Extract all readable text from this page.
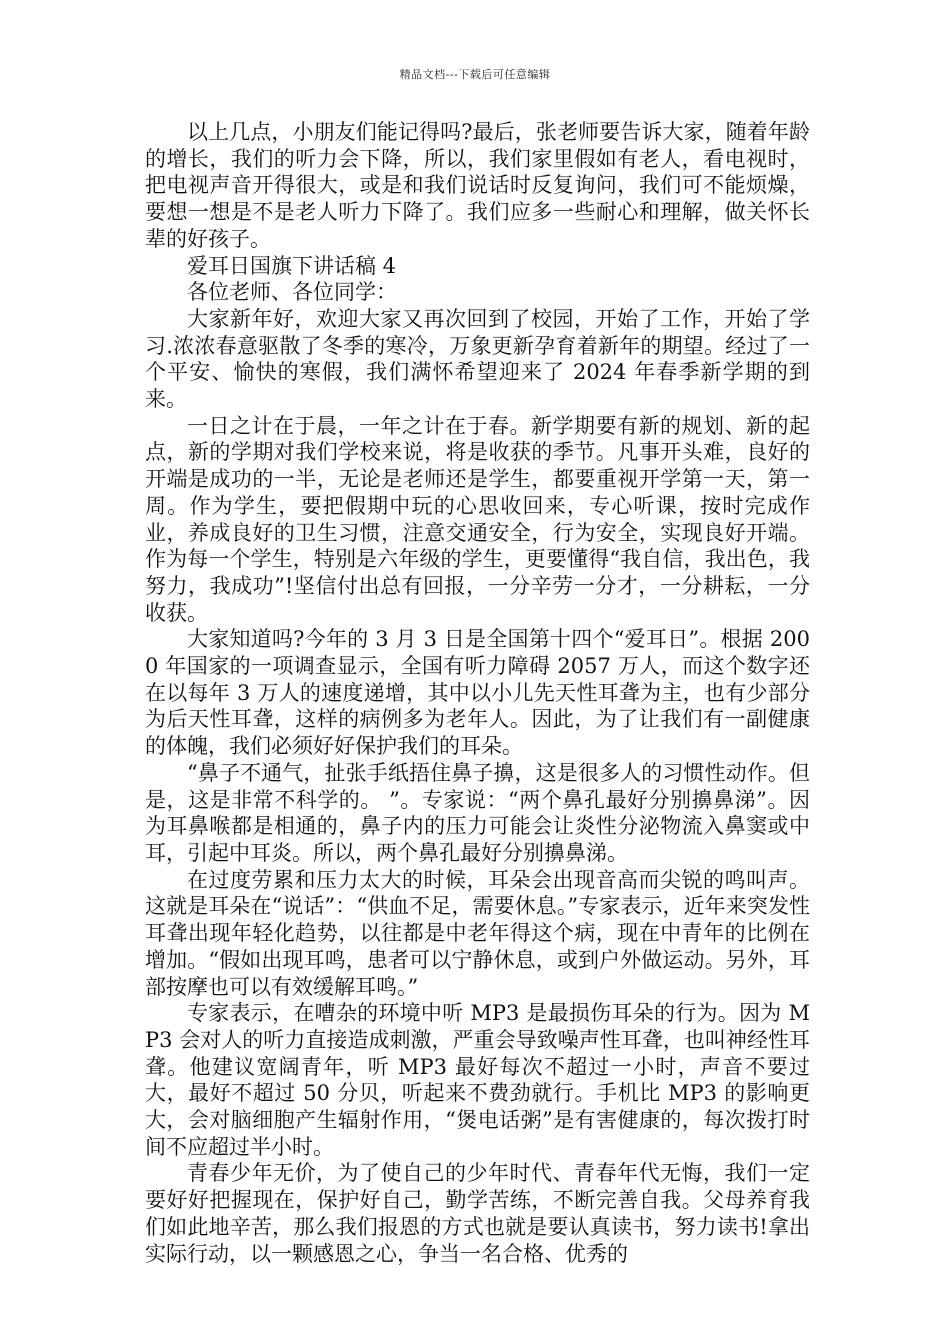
精品文档---下载后可任意编辑

以上几点，小朋友们能记得吗?最后，张老师要告诉大家，随着年龄的增长，我们的听力会下降，所以，我们家里假如有老人，看电视时，把电视声音开得很大，或是和我们说话时反复询问，我们可不能烦燥，要想一想是不是老人听力下降了。我们应多一些耐心和理解，做关怀长辈的好孩子。

爱耳日国旗下讲话稿 4

各位老师、各位同学：

大家新年好，欢迎大家又再次回到了校园，开始了工作，开始了学习.浓浓春意驱散了冬季的寒冷，万象更新孕育着新年的期望。经过了一个平安、愉快的寒假，我们满怀希望迎来了 2024 年春季新学期的到来。

一日之计在于晨，一年之计在于春。新学期要有新的规划、新的起点，新的学期对我们学校来说，将是收获的季节。凡事开头难，良好的开端是成功的一半，无论是老师还是学生，都要重视开学第一天，第一周。作为学生，要把假期中玩的心思收回来，专心听课，按时完成作业，养成良好的卫生习惯，注意交通安全，行为安全，实现良好开端。作为每一个学生，特别是六年级的学生，更要懂得“我自信，我出色，我努力，我成功”!坚信付出总有回报，一分辛劳一分才，一分耕耘，一分收获。

大家知道吗?今年的 3 月 3 日是全国第十四个“爱耳日”。根据 2000 年国家的一项调查显示，全国有听力障碍 2057 万人，而这个数字还在以每年 3 万人的速度递增，其中以小儿先天性耳聋为主，也有少部分为后天性耳聋，这样的病例多为老年人。因此，为了让我们有一副健康的体魄，我们必须好好保护我们的耳朵。

“鼻子不通气，扯张手纸捂住鼻子擤，这是很多人的习惯性动作。但是，这是非常不科学的。 ”。专家说：“两个鼻孔最好分别擤鼻涕”。因为耳鼻喉都是相通的，鼻子内的压力可能会让炎性分泌物流入鼻窦或中耳，引起中耳炎。所以，两个鼻孔最好分别擤鼻涕。

在过度劳累和压力太大的时候，耳朵会出现音高而尖锐的鸣叫声。这就是耳朵在“说话”：“供血不足，需要休息。”专家表示，近年来突发性耳聋出现年轻化趋势，以往都是中老年得这个病，现在中青年的比例在增加。“假如出现耳鸣，患者可以宁静休息，或到户外做运动。另外，耳部按摩也可以有效缓解耳鸣。”

专家表示，在嘈杂的环境中听 MP3 是最损伤耳朵的行为。因为 MP3 会对人的听力直接造成刺激，严重会导致噪声性耳聋，也叫神经性耳聋。他建议宽阔青年，听 MP3 最好每次不超过一小时，声音不要过大，最好不超过 50 分贝，听起来不费劲就行。手机比 MP3 的影响更大，会对脑细胞产生辐射作用，“煲电话粥”是有害健康的，每次拨打时间不应超过半小时。

青春少年无价，为了使自己的少年时代、青春年代无悔，我们一定要好好把握现在，保护好自己，勤学苦练，不断完善自我。父母养育我们如此地辛苦，那么我们报恩的方式也就是要认真读书，努力读书!拿出实际行动，以一颗感恩之心，争当一名合格、优秀的
